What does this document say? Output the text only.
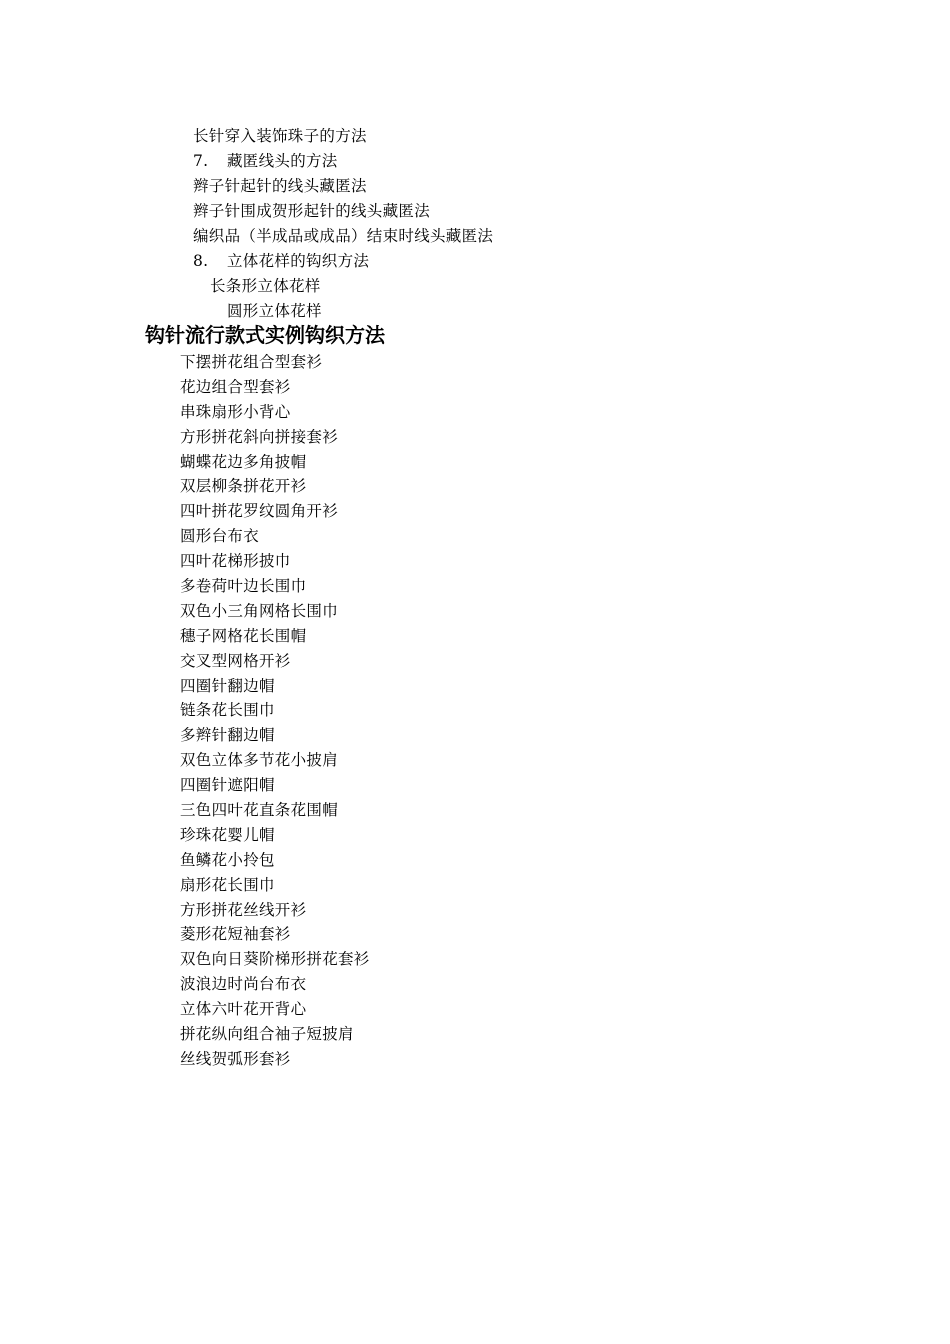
长针穿入装饰珠子的方法
7. 藏匿线头的方法
辫子针起针的线头藏匿法
辫子针围成贺形起针的线头藏匿法
编织品（半成品或成品）结束时线头藏匿法
8. 立体花样的钩织方法
长条形立体花样
圆形立体花样
钩针流行款式实例钩织方法
下摆拼花组合型套衫
花边组合型套衫
串珠扇形小背心
方形拼花斜向拼接套衫
蝴蝶花边多角披帽
双层柳条拼花开衫
四叶拼花罗纹圆角开衫
圆形台布衣
四叶花梯形披巾
多卷荷叶边长围巾
双色小三角网格长围巾
穗子网格花长围帽
交叉型网格开衫
四圈针翻边帽
链条花长围巾
多辫针翻边帽
双色立体多节花小披肩
四圈针遮阳帽
三色四叶花直条花围帽
珍珠花婴儿帽
鱼鳞花小拎包
扇形花长围巾
方形拼花丝线开衫
菱形花短袖套衫
双色向日葵阶梯形拼花套衫
波浪边时尚台布衣
立体六叶花开背心
拼花纵向组合袖子短披肩
丝线贺弧形套衫
